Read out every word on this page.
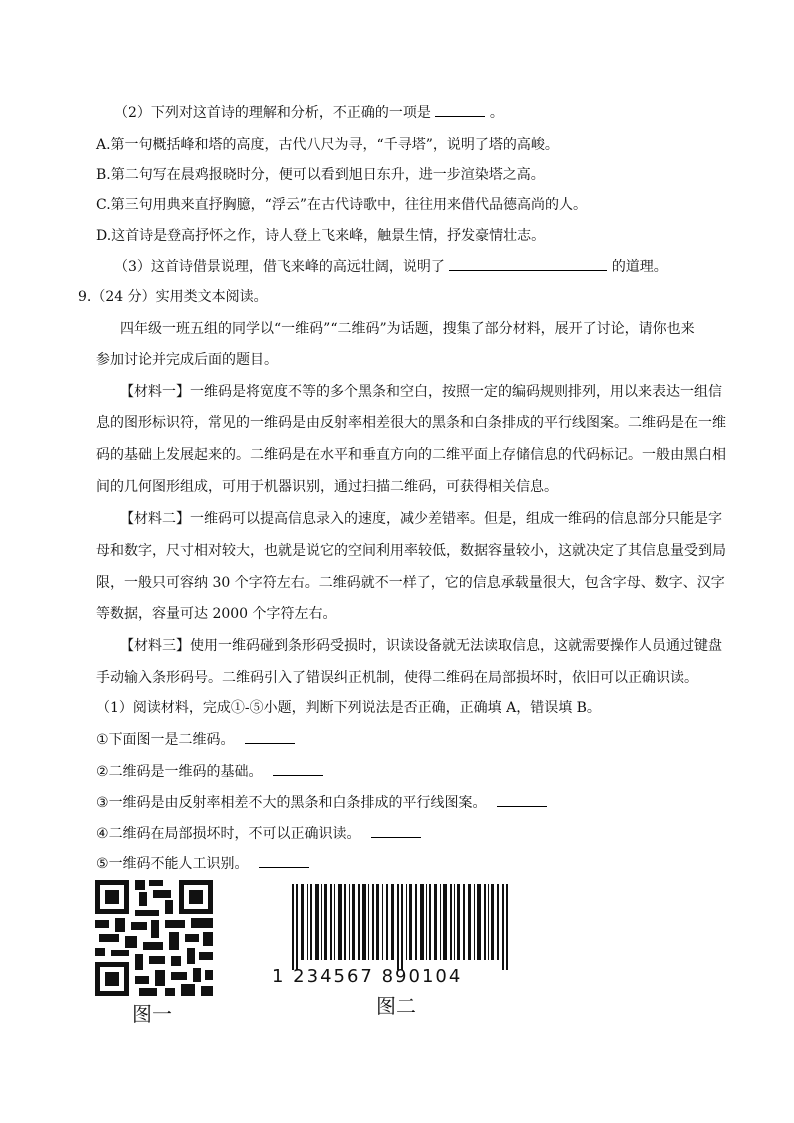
（2）下列对这首诗的理解和分析，不正确的一项是	。
A.第一句概括峰和塔的高度，古代八尺为寻，“千寻塔”，说明了塔的高峻。
B.第二句写在晨鸡报晓时分，便可以看到旭日东升，进一步渲染塔之高。
C.第三句用典来直抒胸臆，“浮云”在古代诗歌中，往往用来借代品德高尚的人。
D.这首诗是登高抒怀之作，诗人登上飞来峰，触景生情，抒发豪情壮志。
（3）这首诗借景说理，借飞来峰的高远壮阔，说明了	的道理。
9.（24 分）实用类文本阅读。
四年级一班五组的同学以“一维码”“二维码”为话题，搜集了部分材料，展开了讨论，请你也来
参加讨论并完成后面的题目。
【材料一】一维码是将宽度不等的多个黑条和空白，按照一定的编码规则排列，用以来表达一组信
息的图形标识符，常见的一维码是由反射率相差很大的黑条和白条排成的平行线图案。二维码是在一维
码的基础上发展起来的。二维码是在水平和垂直方向的二维平面上存储信息的代码标记。一般由黑白相
间的几何图形组成，可用于机器识别，通过扫描二维码，可获得相关信息。
【材料二】一维码可以提高信息录入的速度，减少差错率。但是，组成一维码的信息部分只能是字
母和数字，尺寸相对较大，也就是说它的空间利用率较低，数据容量较小，这就决定了其信息量受到局
限，一般只可容纳 30 个字符左右。二维码就不一样了，它的信息承载量很大，包含字母、数字、汉字
等数据，容量可达 2000 个字符左右。
【材料三】使用一维码碰到条形码受损时，识读设备就无法读取信息，这就需要操作人员通过键盘
手动输入条形码号。二维码引入了错误纠正机制，使得二维码在局部损坏时，依旧可以正确识读。
（1）阅读材料，完成①-⑤小题，判断下列说法是否正确，正确填 A，错误填 B。
①下面图一是二维码。
②二维码是一维码的基础。
③一维码是由反射率相差不大的黑条和白条排成的平行线图案。
④二维码在局部损坏时，不可以正确识读。
⑤一维码不能人工识别。
图一
1 234567 890104
图二
